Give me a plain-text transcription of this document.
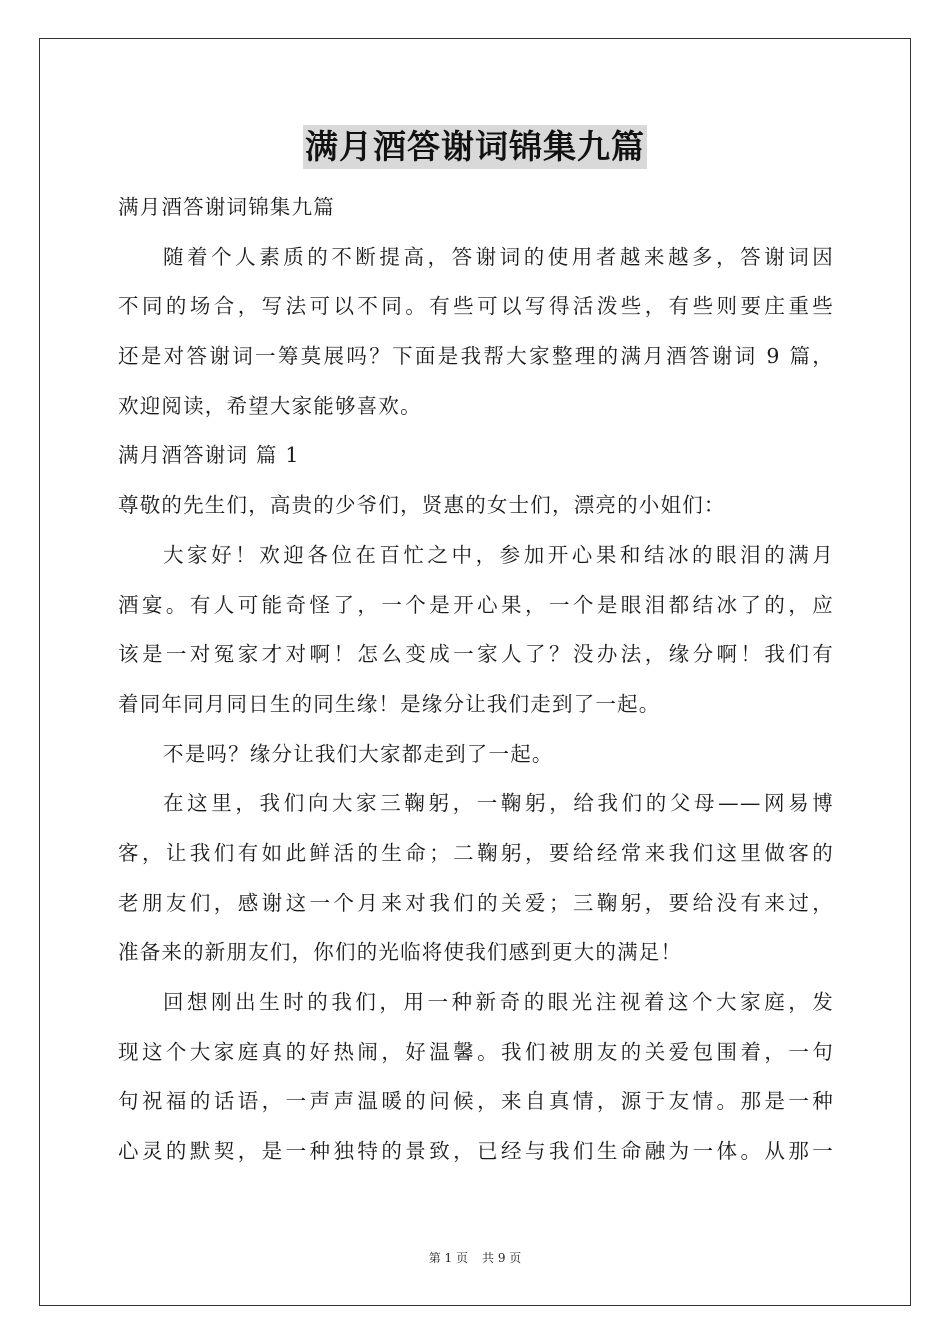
满月酒答谢词锦集九篇
满月酒答谢词锦集九篇
随着个人素质的不断提高，答谢词的使用者越来越多，答谢词因
不同的场合，写法可以不同。有些可以写得活泼些，有些则要庄重些
还是对答谢词一筹莫展吗？下面是我帮大家整理的满月酒答谢词 9 篇，
欢迎阅读，希望大家能够喜欢。
满月酒答谢词 篇 1
尊敬的先生们，高贵的少爷们，贤惠的女士们，漂亮的小姐们：
大家好！欢迎各位在百忙之中，参加开心果和结冰的眼泪的满月
酒宴。有人可能奇怪了，一个是开心果，一个是眼泪都结冰了的，应
该是一对冤家才对啊！怎么变成一家人了？没办法，缘分啊！我们有
着同年同月同日生的同生缘！是缘分让我们走到了一起。
不是吗？缘分让我们大家都走到了一起。
在这里，我们向大家三鞠躬，一鞠躬，给我们的父母——网易博
客，让我们有如此鲜活的生命；二鞠躬，要给经常来我们这里做客的
老朋友们，感谢这一个月来对我们的关爱；三鞠躬，要给没有来过，
准备来的新朋友们，你们的光临将使我们感到更大的满足！
回想刚出生时的我们，用一种新奇的眼光注视着这个大家庭，发
现这个大家庭真的好热闹，好温馨。我们被朋友的关爱包围着，一句
句祝福的话语，一声声温暖的问候，来自真情，源于友情。那是一种
心灵的默契，是一种独特的景致，已经与我们生命融为一体。从那一
第 1 页 共 9 页
